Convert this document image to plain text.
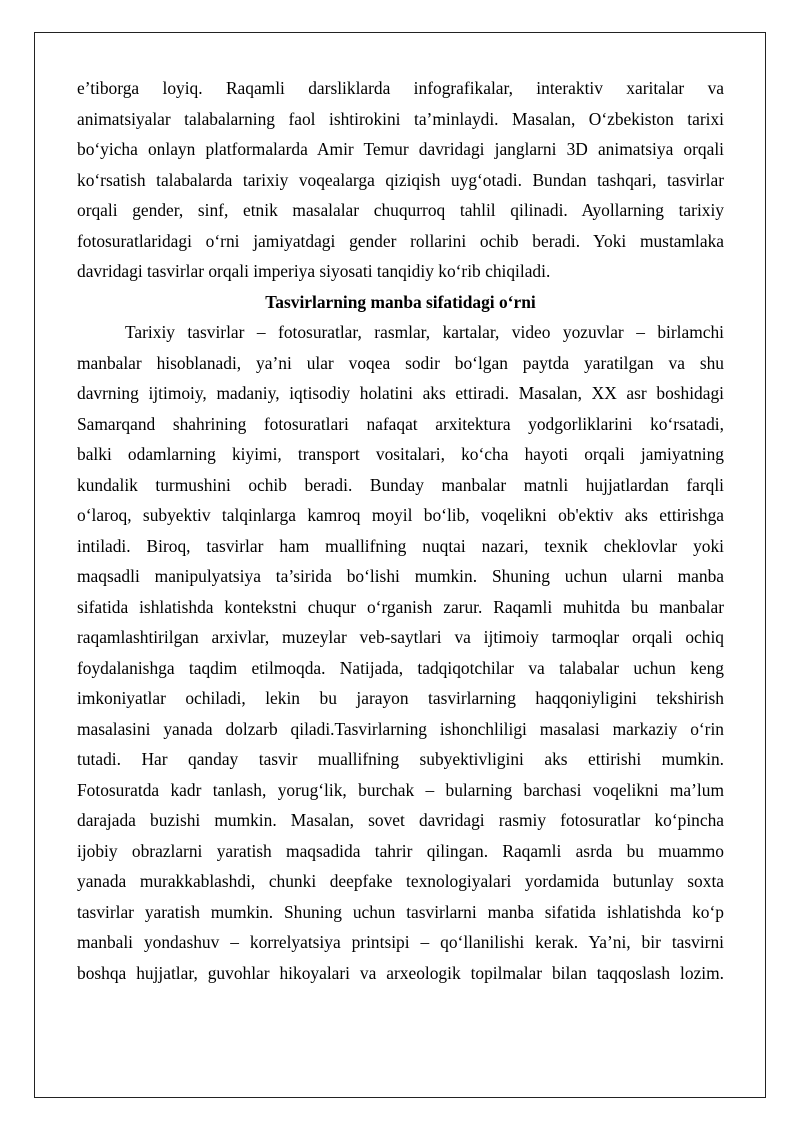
e’tiborga loyiq. Raqamli darsliklarda infografikalar, interaktiv xaritalar va
animatsiyalar talabalarning faol ishtirokini ta’minlaydi. Masalan, O‘zbekiston tarixi
bo‘yicha onlayn platformalarda Amir Temur davridagi janglarni 3D animatsiya orqali
ko‘rsatish talabalarda tarixiy voqealarga qiziqish uyg‘otadi. Bundan tashqari, tasvirlar
orqali gender, sinf, etnik masalalar chuqurroq tahlil qilinadi. Ayollarning tarixiy
fotosuratlaridagi o‘rni jamiyatdagi gender rollarini ochib beradi. Yoki mustamlaka
davridagi tasvirlar orqali imperiya siyosati tanqidiy ko‘rib chiqiladi.

Tasvirlarning manba sifatidagi o‘rni

Tarixiy tasvirlar – fotosuratlar, rasmlar, kartalar, video yozuvlar – birlamchi
manbalar hisoblanadi, ya’ni ular voqea sodir bo‘lgan paytda yaratilgan va shu
davrning ijtimoiy, madaniy, iqtisodiy holatini aks ettiradi. Masalan, XX asr boshidagi
Samarqand shahrining fotosuratlari nafaqat arxitektura yodgorliklarini ko‘rsatadi,
balki odamlarning kiyimi, transport vositalari, ko‘cha hayoti orqali jamiyatning
kundalik turmushini ochib beradi. Bunday manbalar matnli hujjatlardan farqli
o‘laroq, subyektiv talqinlarga kamroq moyil bo‘lib, voqelikni ob'ektiv aks ettirishga
intiladi. Biroq, tasvirlar ham muallifning nuqtai nazari, texnik cheklovlar yoki
maqsadli manipulyatsiya ta’sirida bo‘lishi mumkin. Shuning uchun ularni manba
sifatida ishlatishda kontekstni chuqur o‘rganish zarur. Raqamli muhitda bu manbalar
raqamlashtirilgan arxivlar, muzeylar veb-saytlari va ijtimoiy tarmoqlar orqali ochiq
foydalanishga taqdim etilmoqda. Natijada, tadqiqotchilar va talabalar uchun keng
imkoniyatlar ochiladi, lekin bu jarayon tasvirlarning haqqoniyligini tekshirish
masalasini yanada dolzarb qiladi.Tasvirlarning ishonchliligi masalasi markaziy o‘rin
tutadi. Har qanday tasvir muallifning subyektivligini aks ettirishi mumkin.
Fotosuratda kadr tanlash, yorug‘lik, burchak – bularning barchasi voqelikni ma’lum
darajada buzishi mumkin. Masalan, sovet davridagi rasmiy fotosuratlar ko‘pincha
ijobiy obrazlarni yaratish maqsadida tahrir qilingan. Raqamli asrda bu muammo
yanada murakkablashdi, chunki deepfake texnologiyalari yordamida butunlay soxta
tasvirlar yaratish mumkin. Shuning uchun tasvirlarni manba sifatida ishlatishda ko‘p
manbali yondashuv – korrelyatsiya printsipi – qo‘llanilishi kerak. Ya’ni, bir tasvirni
boshqa hujjatlar, guvohlar hikoyalari va arxeologik topilmalar bilan taqqoslash lozim.
